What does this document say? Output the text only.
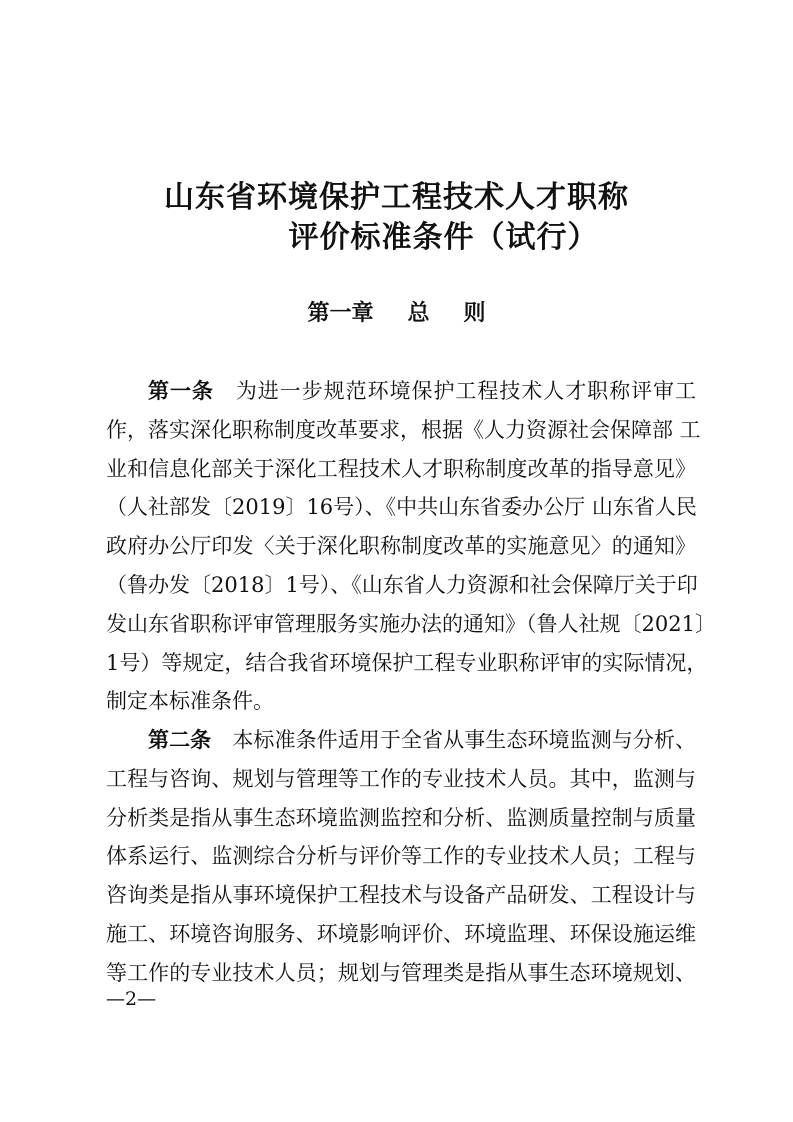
山东省环境保护工程技术人才职称
评价标准条件（试行）
第一章 总 则
第一条 为进一步规范环境保护工程技术人才职称评审工
作，落实深化职称制度改革要求，根据《人力资源社会保障部 工
业和信息化部关于深化工程技术人才职称制度改革的指导意见》
（人社部发〔2019〕16号）、《中共山东省委办公厅 山东省人民
政府办公厅印发〈关于深化职称制度改革的实施意见〉的通知》
（鲁办发〔2018〕1号）、《山东省人力资源和社会保障厅关于印
发山东省职称评审管理服务实施办法的通知》（鲁人社规〔2021〕
1号）等规定，结合我省环境保护工程专业职称评审的实际情况，
制定本标准条件。
第二条 本标准条件适用于全省从事生态环境监测与分析、
工程与咨询、规划与管理等工作的专业技术人员。其中，监测与
分析类是指从事生态环境监测监控和分析、监测质量控制与质量
体系运行、监测综合分析与评价等工作的专业技术人员；工程与
咨询类是指从事环境保护工程技术与设备产品研发、工程设计与
施工、环境咨询服务、环境影响评价、环境监理、环保设施运维
等工作的专业技术人员；规划与管理类是指从事生态环境规划、
—2—
